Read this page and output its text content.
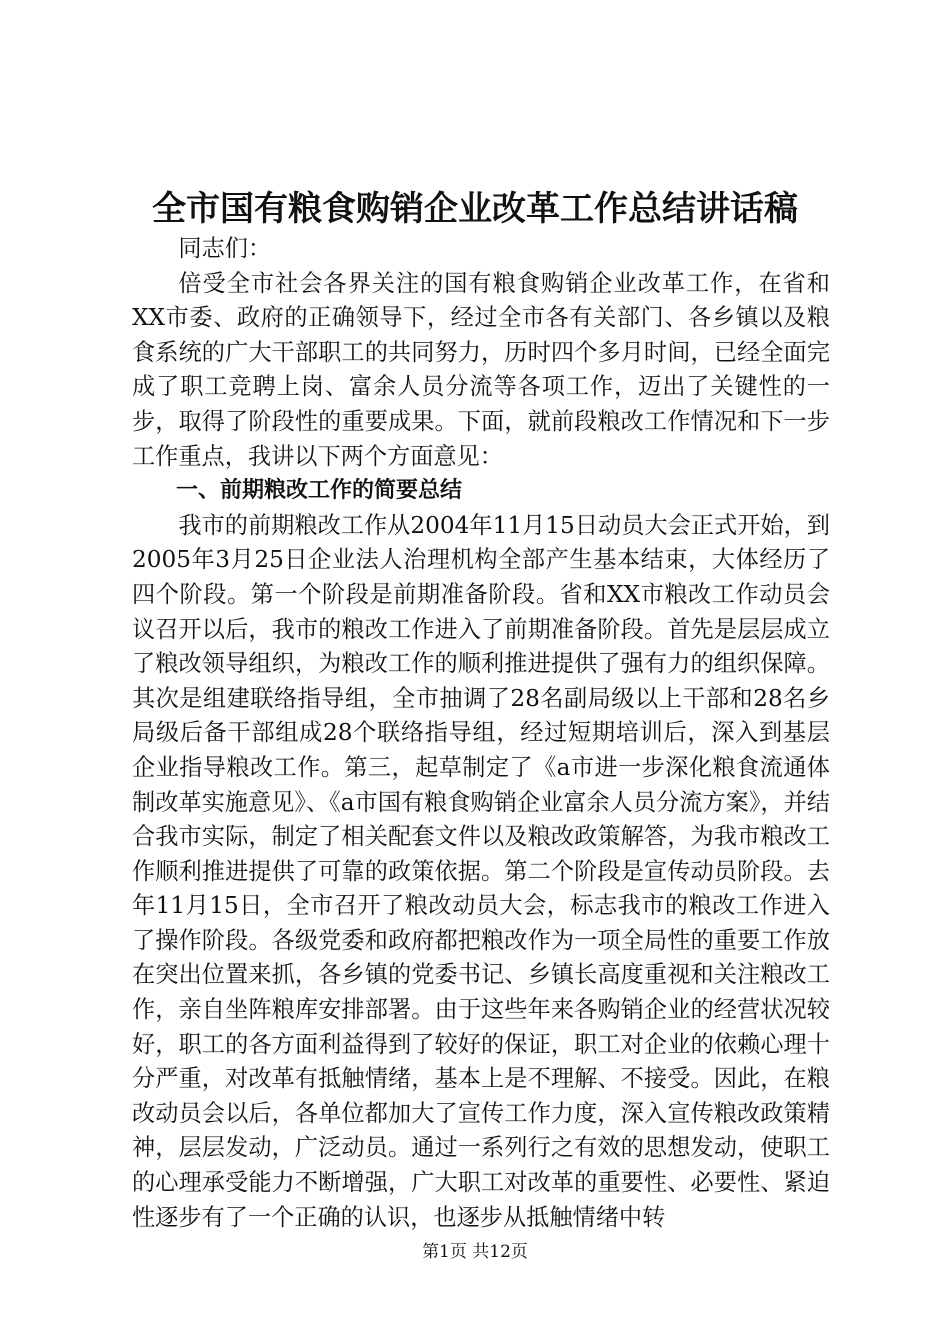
全市国有粮食购销企业改革工作总结讲话稿

同志们：

倍受全市社会各界关注的国有粮食购销企业改革工作，在省和XX市委、政府的正确领导下，经过全市各有关部门、各乡镇以及粮食系统的广大干部职工的共同努力，历时四个多月时间，已经全面完成了职工竞聘上岗、富余人员分流等各项工作，迈出了关键性的一步，取得了阶段性的重要成果。下面，就前段粮改工作情况和下一步工作重点，我讲以下两个方面意见：

一、前期粮改工作的简要总结

我市的前期粮改工作从2004年11月15日动员大会正式开始，到2005年3月25日企业法人治理机构全部产生基本结束，大体经历了四个阶段。第一个阶段是前期准备阶段。省和XX市粮改工作动员会议召开以后，我市的粮改工作进入了前期准备阶段。首先是层层成立了粮改领导组织，为粮改工作的顺利推进提供了强有力的组织保障。其次是组建联络指导组，全市抽调了28名副局级以上干部和28名乡局级后备干部组成28个联络指导组，经过短期培训后，深入到基层企业指导粮改工作。第三，起草制定了《a市进一步深化粮食流通体制改革实施意见》、《a市国有粮食购销企业富余人员分流方案》，并结合我市实际，制定了相关配套文件以及粮改政策解答，为我市粮改工作顺利推进提供了可靠的政策依据。第二个阶段是宣传动员阶段。去年11月15日，全市召开了粮改动员大会，标志我市的粮改工作进入了操作阶段。各级党委和政府都把粮改作为一项全局性的重要工作放在突出位置来抓，各乡镇的党委书记、乡镇长高度重视和关注粮改工作，亲自坐阵粮库安排部署。由于这些年来各购销企业的经营状况较好，职工的各方面利益得到了较好的保证，职工对企业的依赖心理十分严重，对改革有抵触情绪，基本上是不理解、不接受。因此，在粮改动员会以后，各单位都加大了宣传工作力度，深入宣传粮改政策精神，层层发动，广泛动员。通过一系列行之有效的思想发动，使职工的心理承受能力不断增强，广大职工对改革的重要性、必要性、紧迫性逐步有了一个正确的认识，也逐步从抵触情绪中转

第1页 共12页
